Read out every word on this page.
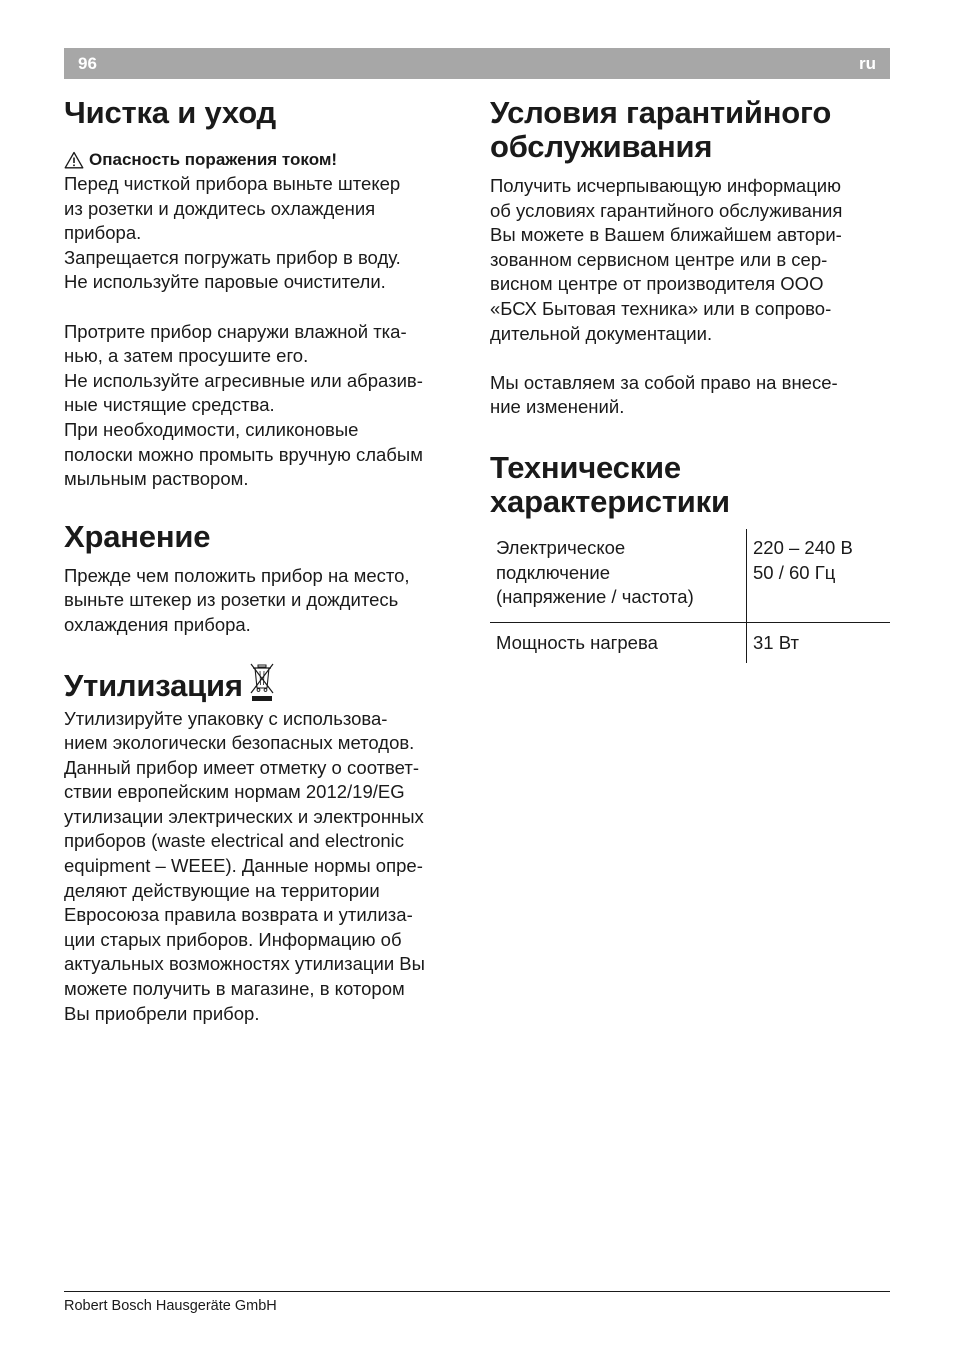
96	ru
Чистка и уход
Опасность поражения током!

Перед чисткой прибора выньте штекер
из розетки и дождитесь охлаждения
прибора.
Запрещается погружать прибор в воду.
Не используйте паровые очистители.

Протрите прибор снаружи влажной тка-
нью, а затем просушите его.
Не используйте агресивные или абразив-
ные чистящие средства.
При необходимости, силиконовые
полоски можно промыть вручную слабым
мыльным раствором.

Хранение

Прежде чем положить прибор на место,
выньте штекер из розетки и дождитесь
охлаждения прибора.

Утилизация

Утилизируйте упаковку с использова-
нием экологически безопасных методов.
Данный прибор имеет отметку о соответ-
ствии европейским нормам 2012/19/EG
утилизации электрических и электронных
приборов (waste electrical and electronic
equipment – WEEE). Данные нормы опре-
деляют действующие на территории
Евросоюза правила возврата и утилиза-
ции старых приборов. Информацию об
актуальных возможностях утилизации Вы
можете получить в магазине, в котором
Вы приобрели прибор.

Условия гарантийного
обслуживания

Получить исчерпывающую информацию
об условиях гарантийного обслуживания
Вы можете в Вашем ближайшем автори-
зованном сервисном центре или в сер-
висном центре от производителя ООО
«БСХ Бытовая техника» или в сопрово-
дительной документации.

Мы оставляем за собой право на внесе-
ние изменений.

Технические
характеристики
Электрическое
подключение
(напряжение / частота)	220 – 240 В
50 / 60 Гц
Мощность нагрева	31 Вт
Robert Bosch Hausgeräte GmbH
